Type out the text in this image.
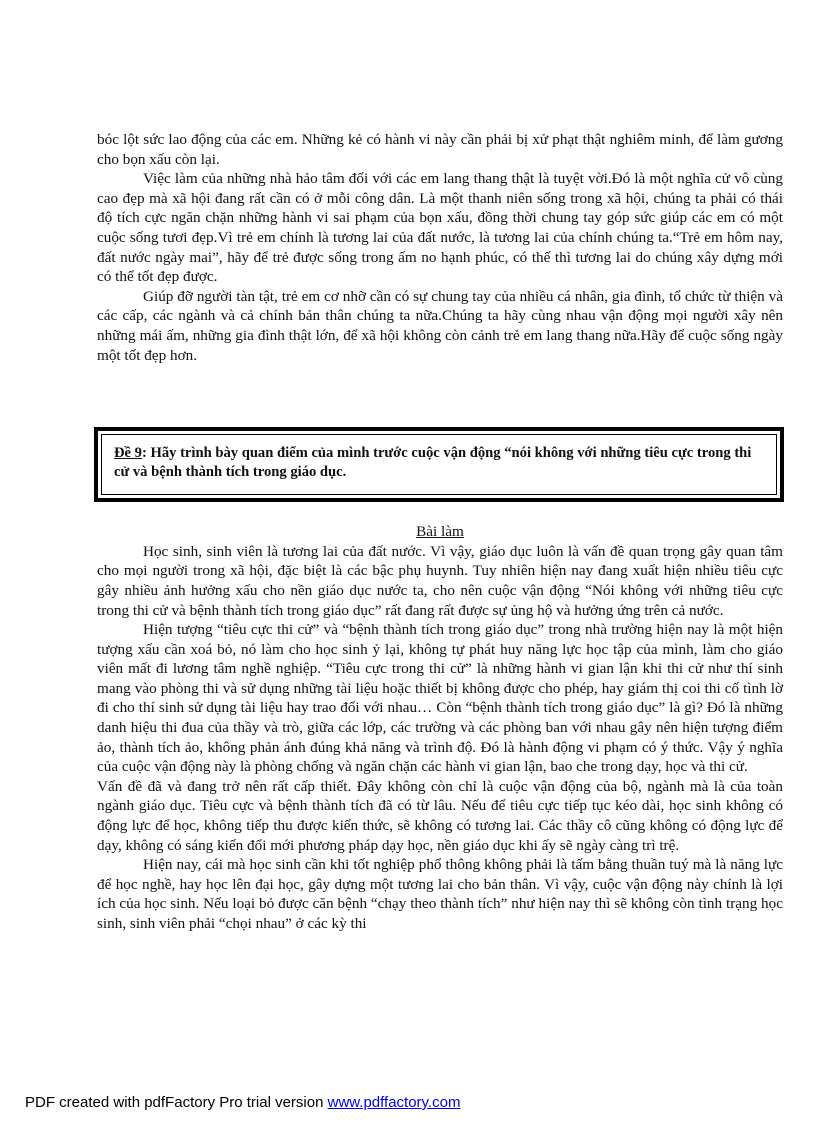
bóc lột sức lao động của các em. Những kẻ có hành vi này cần phải bị xử phạt thật nghiêm minh, để làm gương cho bọn xấu còn lại.

Việc làm của những nhà hảo tâm đối với các em lang thang thật là tuyệt vời.Đó là một nghĩa cử vô cùng cao đẹp mà xã hội đang rất cần có ở mỗi công dân. Là một thanh niên sống trong xã hội, chúng ta phải có thái độ tích cực ngăn chặn những hành vi sai phạm của bọn xấu, đồng thời chung tay góp sức giúp các em có một cuộc sống tươi đẹp.Vì trẻ em chính là tương lai của đất nước, là tương lai của chính chúng ta.“Trẻ em hôm nay, đất nước ngày mai”, hãy để trẻ được sống trong ấm no hạnh phúc, có thế thì tương lai do chúng xây dựng mới có thể tốt đẹp được.

Giúp đỡ người tàn tật, trẻ em cơ nhỡ cần có sự chung tay của nhiều cá nhân, gia đình, tổ chức từ thiện và các cấp, các ngành và cả chính bản thân chúng ta nữa.Chúng ta hãy cùng nhau vận động mọi người xây nên những mái ấm, những gia đình thật lớn, để xã hội không còn cảnh trẻ em lang thang nữa.Hãy để cuộc sống ngày một tốt đẹp hơn.

Đề 9: Hãy trình bày quan điểm của mình trước cuộc vận động “nói không với những tiêu cực trong thi cử và bệnh thành tích trong giáo dục.
Bài làm

Học sinh, sinh viên là tương lai của đất nước. Vì vậy, giáo dục luôn là vấn đề quan trọng gây quan tâm cho mọi người trong xã hội, đặc biệt là các bậc phụ huynh. Tuy nhiên hiện nay đang xuất hiện nhiều tiêu cực gây nhiều ảnh hưởng xấu cho nền giáo dục nước ta, cho nên cuộc vận động “Nói không với những tiêu cực trong thi cử và bệnh thành tích trong giáo dục” rất đang rất được sự ủng hộ và hưởng ứng trên cả nước.

Hiện tượng “tiêu cực thi cử” và “bệnh thành tích trong giáo dục” trong nhà trường hiện nay là một hiện tượng xấu cần xoá bỏ, nó làm cho học sinh ỷ lại, không tự phát huy năng lực học tập của mình, làm cho giáo viên mất đi lương tâm nghề nghiệp. “Tiêu cực trong thi cử” là những hành vi gian lận khi thi cử như thí sinh mang vào phòng thi và sử dụng những tài liệu hoặc thiết bị không được cho phép, hay giám thị coi thi cố tình lờ đi cho thí sinh sử dụng tài liệu hay trao đổi với nhau… Còn “bệnh thành tích trong giáo dục” là gì? Đó là những danh hiệu thi đua của thầy và trò, giữa các lớp, các trường và các phòng ban với nhau gây nên hiện tượng điểm ảo, thành tích ảo, không phản ánh đúng khả năng và trình độ. Đó là hành động vi phạm có ý thức. Vậy ý nghĩa của cuộc vận động này là phòng chống và ngăn chặn các hành vi gian lận, bao che trong dạy, học và thi cử.

Vấn đề đã và đang trở nên rất cấp thiết. Đây không còn chỉ là cuộc vận động của bộ, ngành mà là của toàn ngành giáo dục. Tiêu cực và bệnh thành tích đã có từ lâu. Nếu để tiêu cực tiếp tục kéo dài, học sinh không có động lực để học, không tiếp thu được kiến thức, sẽ không có tương lai. Các thầy cô cũng không có động lực để dạy, không có sáng kiến đổi mới phương pháp dạy học, nền giáo dục khi ấy sẽ ngày càng trì trệ.

Hiện nay, cái mà học sinh cần khi tốt nghiệp phổ thông không phải là tấm bằng thuần tuý mà là năng lực để học nghề, hay học lên đại học, gây dựng một tương lai cho bản thân. Vì vậy, cuộc vận động này chính là lợi ích của học sinh. Nếu loại bỏ được căn bệnh “chạy theo thành tích” như hiện nay thì sẽ không còn tình trạng học sinh, sinh viên phải “chọi nhau” ở các kỳ thi

PDF created with pdfFactory Pro trial version www.pdffactory.com
